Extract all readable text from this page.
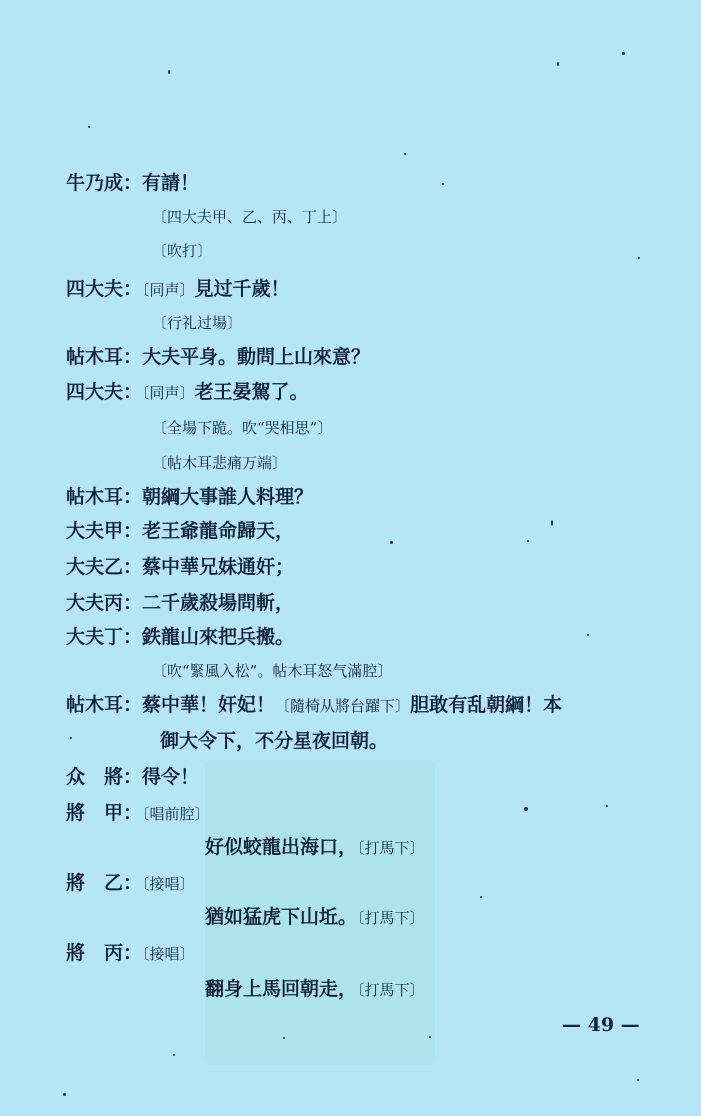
牛乃成：有請！
〔四大夫甲、乙、丙、丁上〕
〔吹打〕
四大夫：〔同声〕見过千歲！
〔行礼过場〕
帖木耳：大夫平身。動問上山來意？
四大夫：〔同声〕老王晏駕了。
〔全場下跪。吹“哭相思”〕
〔帖木耳悲痛万端〕
帖木耳：朝綱大事誰人料理？
大夫甲：老王爺龍命歸天，
大夫乙：蔡中華兄妹通奸；
大夫丙：二千歲殺場問斬，
大夫丁：鉄龍山來把兵搬。
〔吹“緊風入松”。帖木耳怒气滿腔〕
帖木耳：蔡中華！奸妃！〔隨椅从將台躍下〕胆敢有乱朝綱！本
御大令下，不分星夜回朝。
众　將：得令！
將　甲：〔唱前腔〕
好似蛟龍出海口，〔打馬下〕
將　乙：〔接唱〕
猶如猛虎下山坵。〔打馬下〕
將　丙：〔接唱〕
翻身上馬回朝走，〔打馬下〕
— 49 —
